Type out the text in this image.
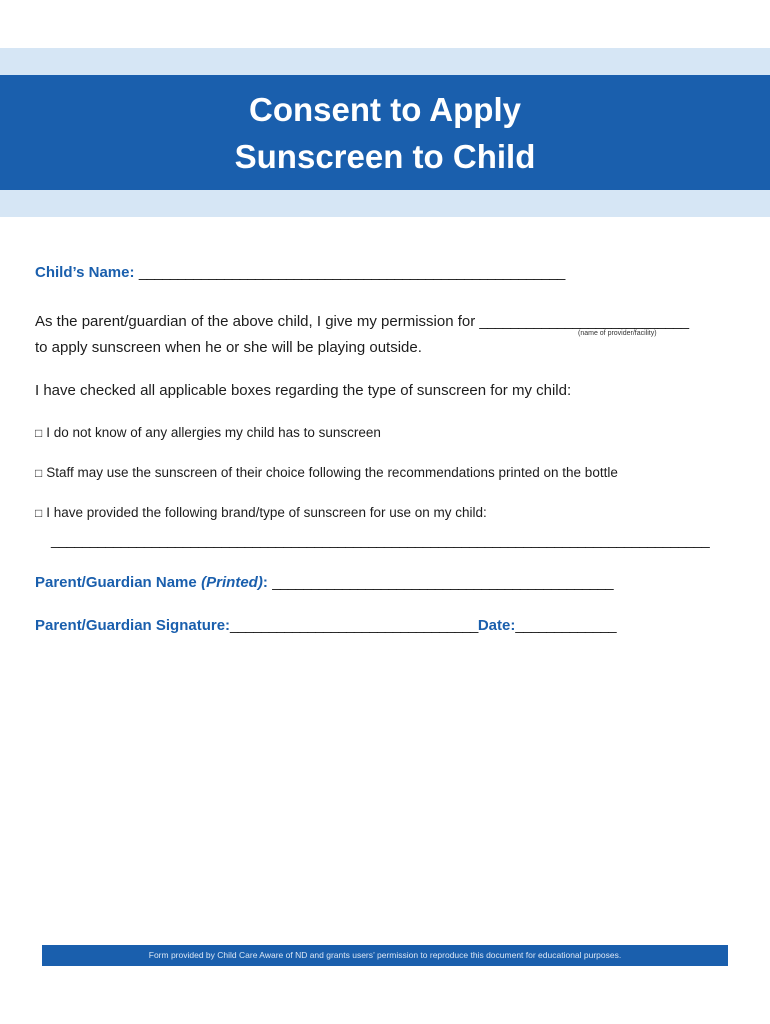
Consent to Apply
Sunscreen to Child
Child’s Name: _______________________________________________________
As the parent/guardian of the above child, I give my permission for ___________________________
(name of provider/facility)
to apply sunscreen when he or she will be playing outside.
I have checked all applicable boxes regarding the type of sunscreen for my child:
□ I do not know of any allergies my child has to sunscreen
□ Staff may use the sunscreen of their choice following the recommendations printed on the bottle
□ I have provided the following brand/type of sunscreen for use on my child:
_____________________________________________________________________________________
Parent/Guardian Name (Printed): ____________________________________________
Parent/Guardian Signature:________________________________Date:_____________
Form provided by Child Care Aware of ND and grants users’ permission to reproduce this document for educational purposes.
